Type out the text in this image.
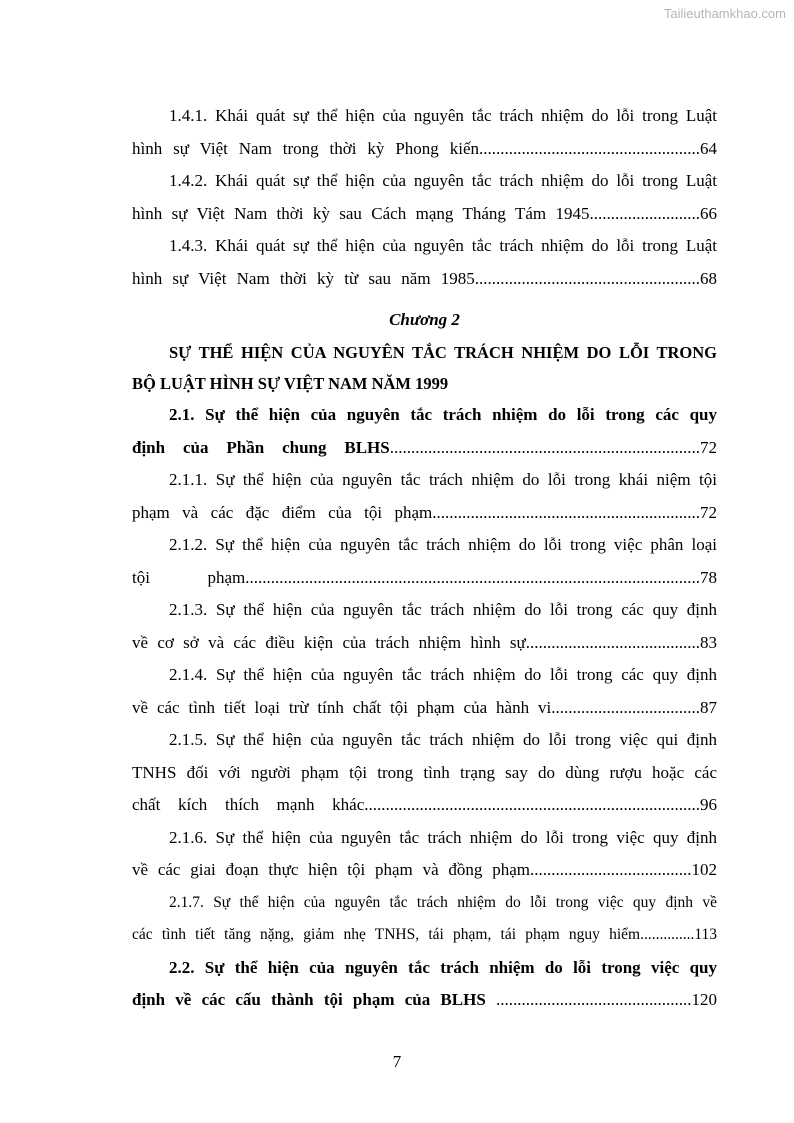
Tailieuthamkhao.com

1.4.1. Khái quát sự thể hiện của nguyên tắc trách nhiệm do lỗi trong Luật
hình sự Việt Nam trong thời kỳ Phong kiến....................................................64

1.4.2. Khái quát sự thể hiện của nguyên tắc trách nhiệm do lỗi trong Luật
hình sự Việt Nam thời kỳ sau Cách mạng Tháng Tám 1945..........................66

1.4.3. Khái quát sự thể hiện của nguyên tắc trách nhiệm do lỗi trong Luật
hình sự Việt Nam thời kỳ từ sau năm 1985.....................................................68

Chương 2

SỰ THỂ HIỆN CỦA NGUYÊN TẮC TRÁCH NHIỆM DO LỖI TRONG
BỘ LUẬT HÌNH SỰ VIỆT NAM NĂM 1999

2.1. Sự thể hiện của nguyên tắc trách nhiệm do lỗi trong các quy
định của Phần chung BLHS.........................................................................72

2.1.1. Sự thể hiện của nguyên tắc trách nhiệm do lỗi trong khái niệm tội
phạm và các đặc điểm của tội phạm...............................................................72

2.1.2. Sự thể hiện của nguyên tắc trách nhiệm do lỗi trong việc phân loại
tội phạm...........................................................................................................78

2.1.3. Sự thể hiện của nguyên tắc trách nhiệm do lỗi trong các quy định
về cơ sở và các điều kiện của trách nhiệm hình sự.........................................83

2.1.4. Sự thể hiện của nguyên tắc trách nhiệm do lỗi trong các quy định
về các tình tiết loại trừ tính chất tội phạm của hành vi...................................87

2.1.5. Sự thể hiện của nguyên tắc trách nhiệm do lỗi trong việc qui định
TNHS đối với người phạm tội trong tình trạng say do dùng rượu hoặc các
chất kích thích mạnh khác...............................................................................96

2.1.6. Sự thể hiện của nguyên tắc trách nhiệm do lỗi trong việc quy định
về các giai đoạn thực hiện tội phạm và đồng phạm......................................102

2.1.7. Sự thể hiện của nguyên tắc trách nhiệm do lỗi trong việc quy định về
các tình tiết tăng nặng, giảm nhẹ TNHS, tái phạm, tái phạm nguy hiểm..............113

2.2. Sự thể hiện của nguyên tắc trách nhiệm do lỗi trong việc quy
định về các cấu thành tội phạm của BLHS ..............................................120

7
